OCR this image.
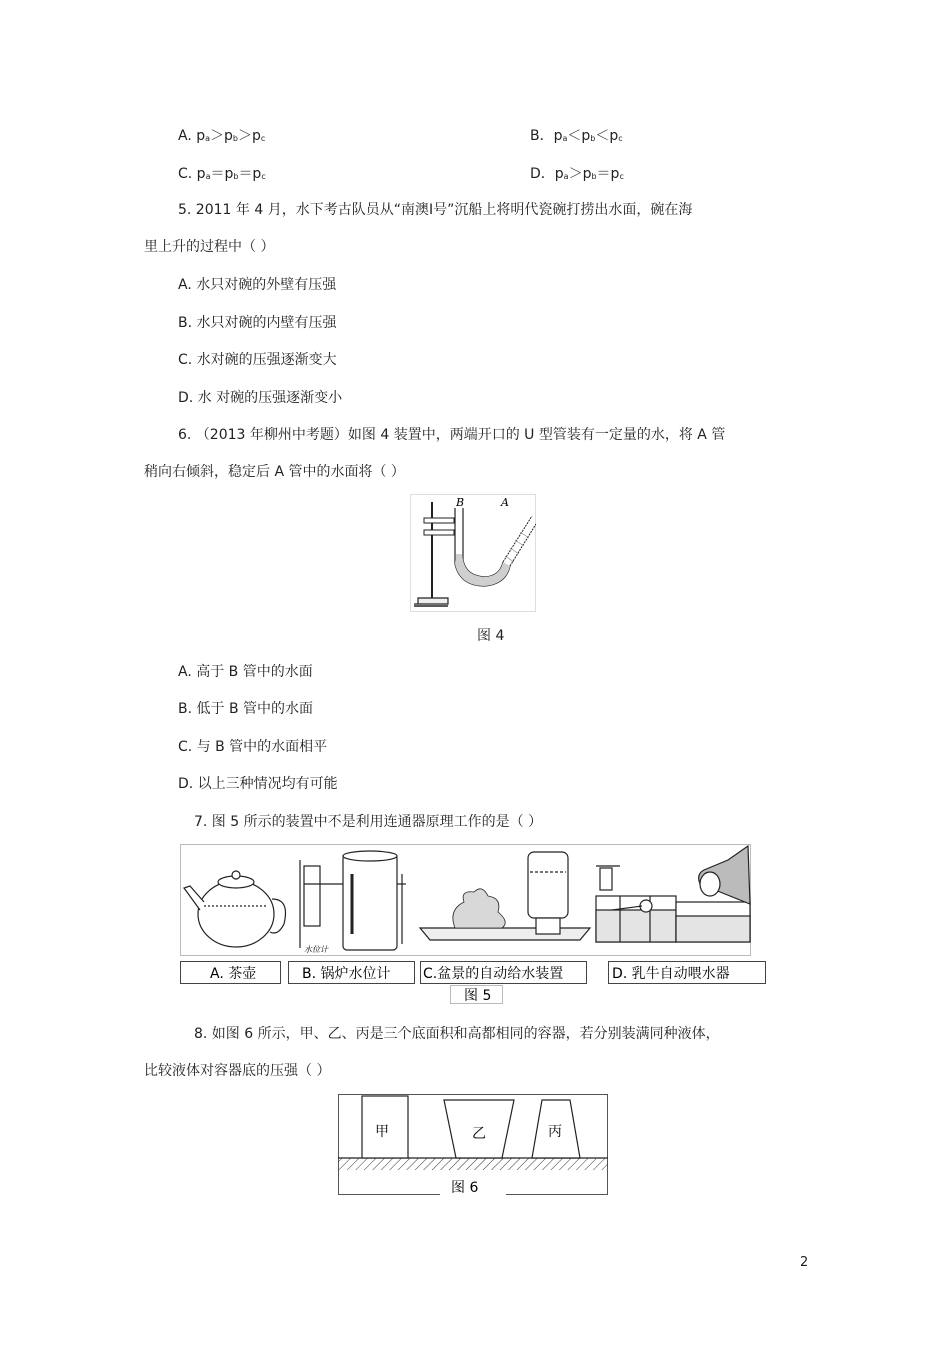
A. $p_a>p_b>p_c$	B．$p_a<p_b<p_c$
C. $p_a=p_b=p_c$	D．$p_a>p_b=p_c$
5. 2011 年 4 月，水下考古队员从“南澳Ⅰ号”沉船上将明代瓷碗打捞出水面，碗在海
里上升的过程中（ ）
A. 水只对碗的外壁有压强
B. 水只对碗的内壁有压强
C. 水对碗的压强逐渐变大
D. 水 对碗的压强逐渐变小
6. （2013 年柳州中考题）如图 4 装置中，两端开口的 U 型管装有一定量的水，将 A 管
稍向右倾斜，稳定后 A 管中的水面将（ ）
B	A
图 4
A. 高于 B 管中的水面
B. 低于 B 管中的水面
C. 与 B 管中的水面相平
D. 以上三种情况均有可能
7. 图 5 所示的装置中不是利用连通器原理工作的是（ ）
水位计
A. 茶壶	B. 锅炉水位计 C.盆景的自动给水装置	D. 乳牛自动喂水器
图 5
8. 如图 6 所示，甲、乙、丙是三个底面积和高都相同的容器，若分别装满同种液体，
比较液体对容器底的压强（ ）
甲	乙	丙
图 6
2
